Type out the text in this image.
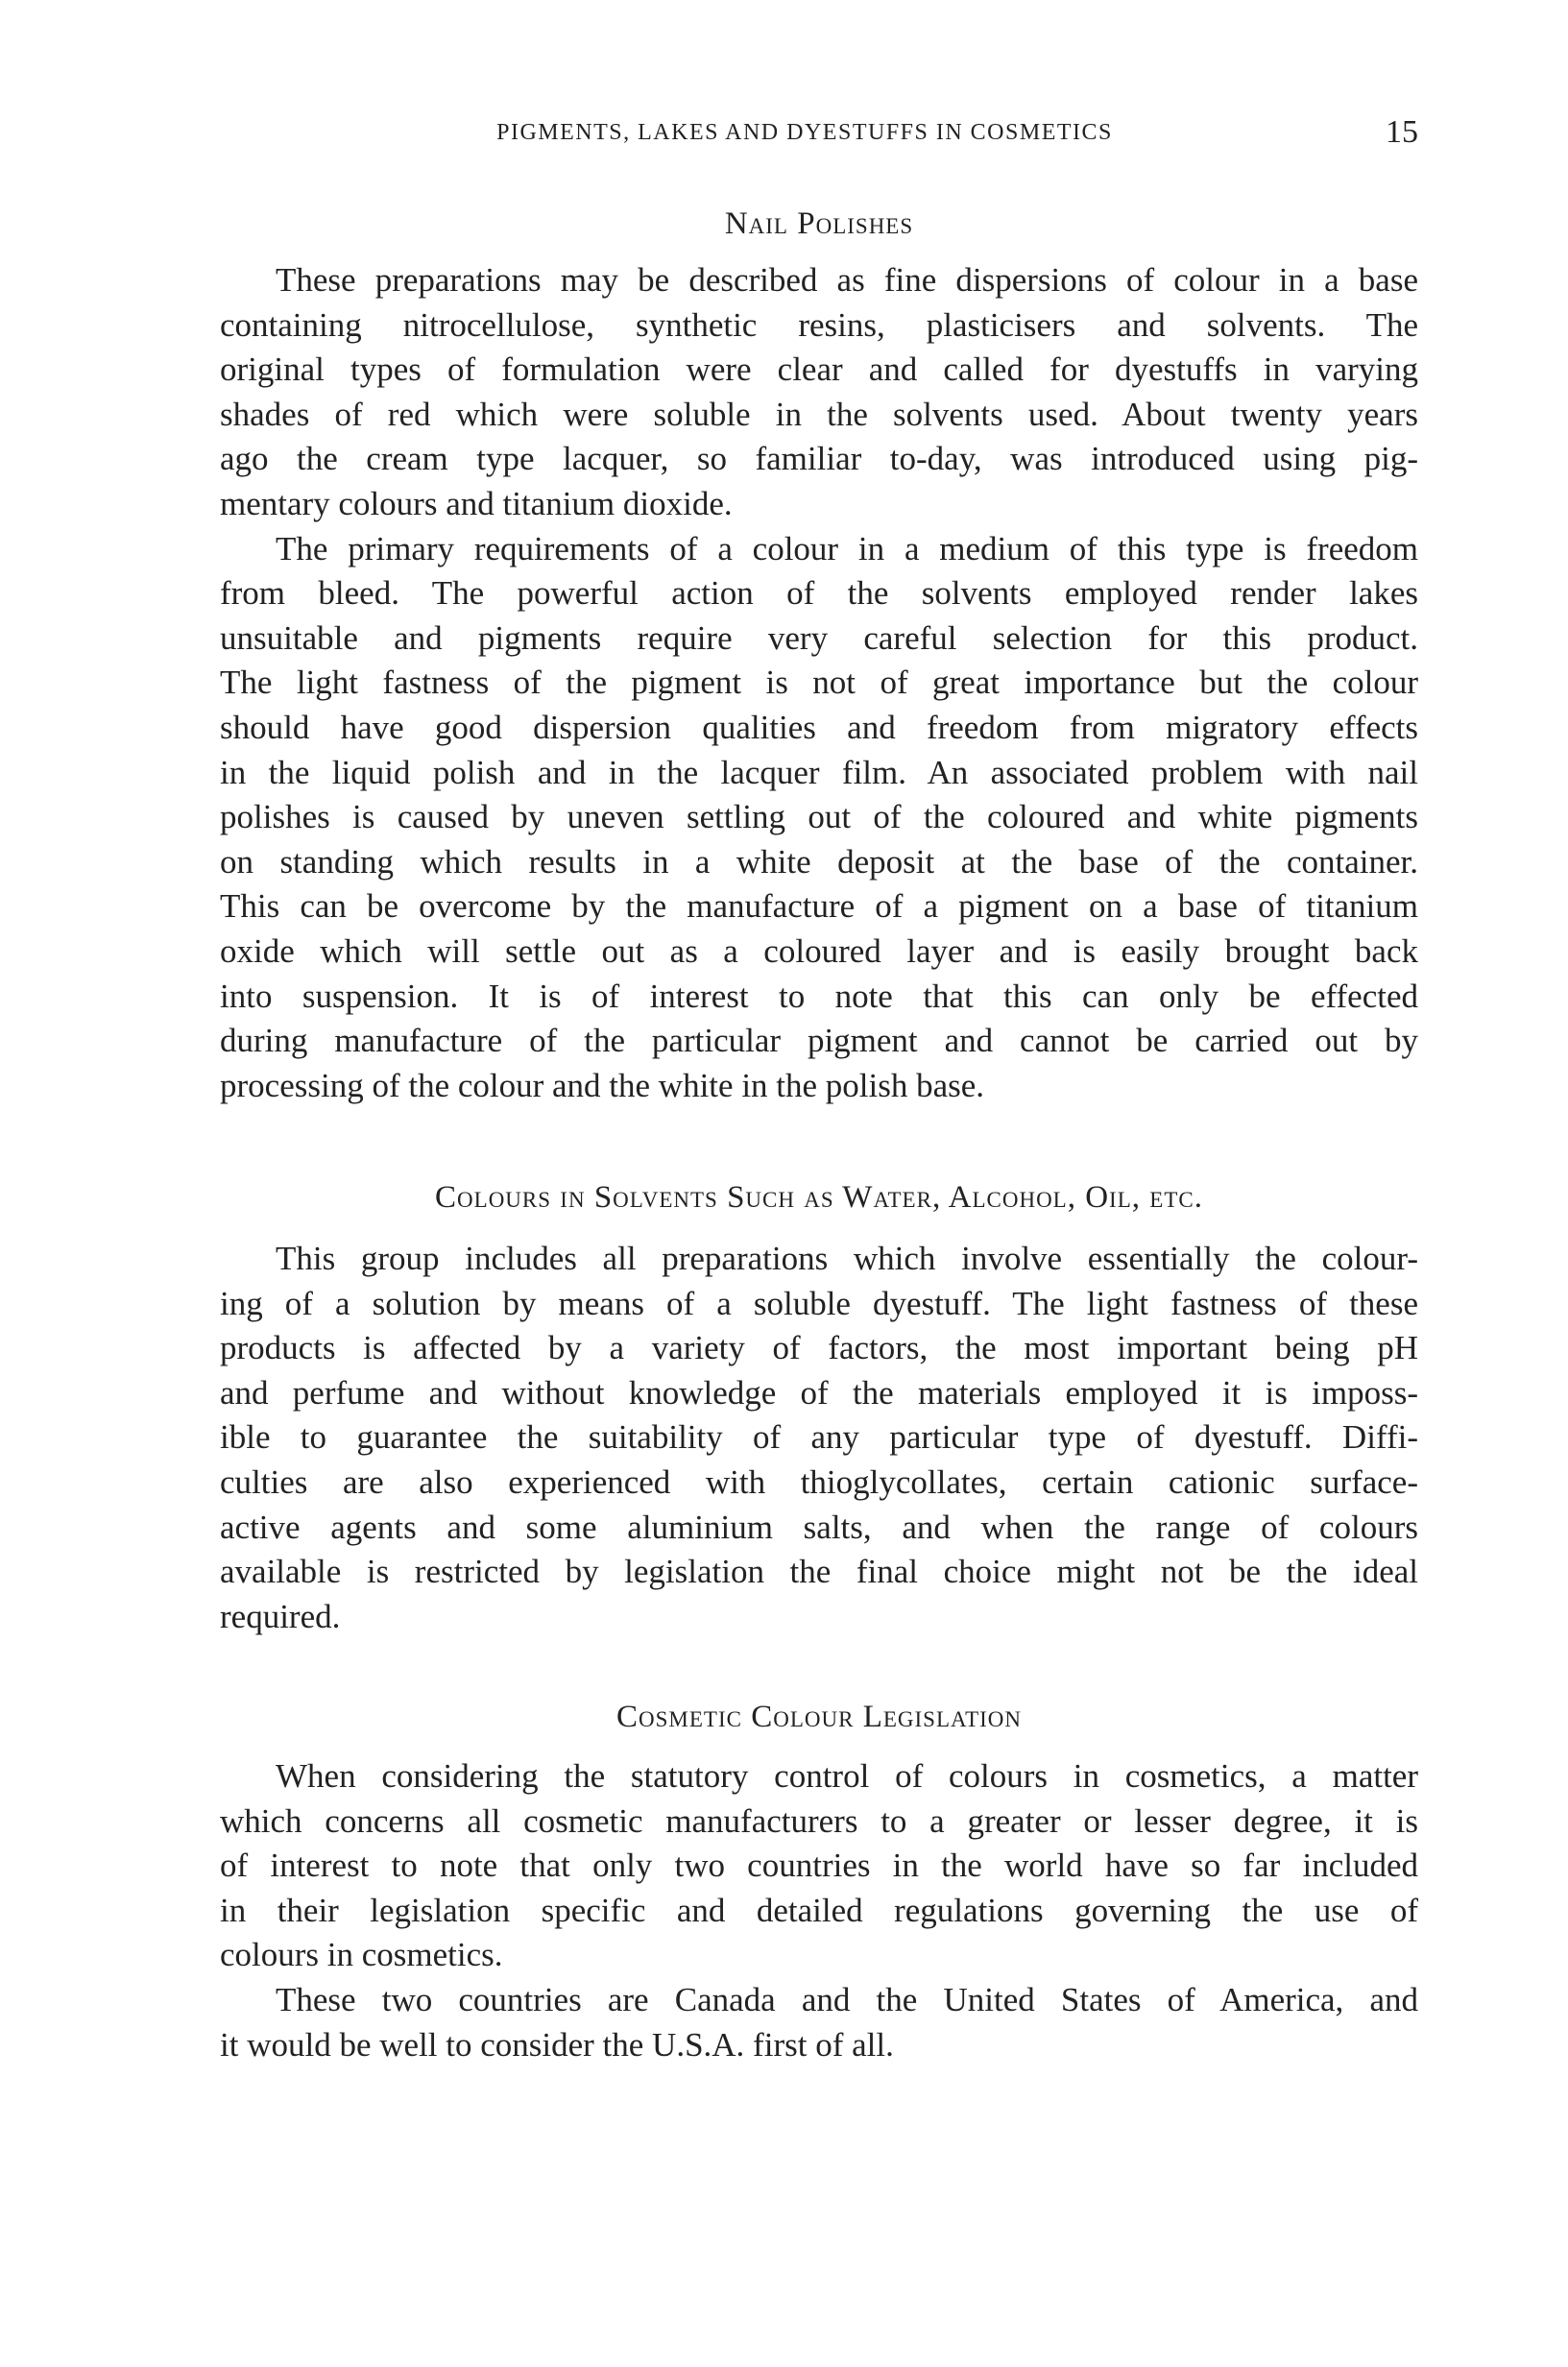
PIGMENTS, LAKES AND DYESTUFFS IN COSMETICS	15
Nail Polishes
These preparations may be described as fine dispersions of colour in a base
containing nitrocellulose, synthetic resins, plasticisers and solvents. The
original types of formulation were clear and called for dyestuffs in varying
shades of red which were soluble in the solvents used. About twenty years
ago the cream type lacquer, so familiar to-day, was introduced using pig-
mentary colours and titanium dioxide.
The primary requirements of a colour in a medium of this type is freedom
from bleed. The powerful action of the solvents employed render lakes
unsuitable and pigments require very careful selection for this product.
The light fastness of the pigment is not of great importance but the colour
should have good dispersion qualities and freedom from migratory effects
in the liquid polish and in the lacquer film. An associated problem with nail
polishes is caused by uneven settling out of the coloured and white pigments
on standing which results in a white deposit at the base of the container.
This can be overcome by the manufacture of a pigment on a base of titanium
oxide which will settle out as a coloured layer and is easily brought back
into suspension. It is of interest to note that this can only be effected
during manufacture of the particular pigment and cannot be carried out by
processing of the colour and the white in the polish base.
Colours in Solvents Such as Water, Alcohol, Oil, etc.
This group includes all preparations which involve essentially the colour-
ing of a solution by means of a soluble dyestuff. The light fastness of these
products is affected by a variety of factors, the most important being pH
and perfume and without knowledge of the materials employed it is imposs-
ible to guarantee the suitability of any particular type of dyestuff. Diffi-
culties are also experienced with thioglycollates, certain cationic surface-
active agents and some aluminium salts, and when the range of colours
available is restricted by legislation the final choice might not be the ideal
required.
Cosmetic Colour Legislation
When considering the statutory control of colours in cosmetics, a matter
which concerns all cosmetic manufacturers to a greater or lesser degree, it is
of interest to note that only two countries in the world have so far included
in their legislation specific and detailed regulations governing the use of
colours in cosmetics.
These two countries are Canada and the United States of America, and
it would be well to consider the U.S.A. first of all.
